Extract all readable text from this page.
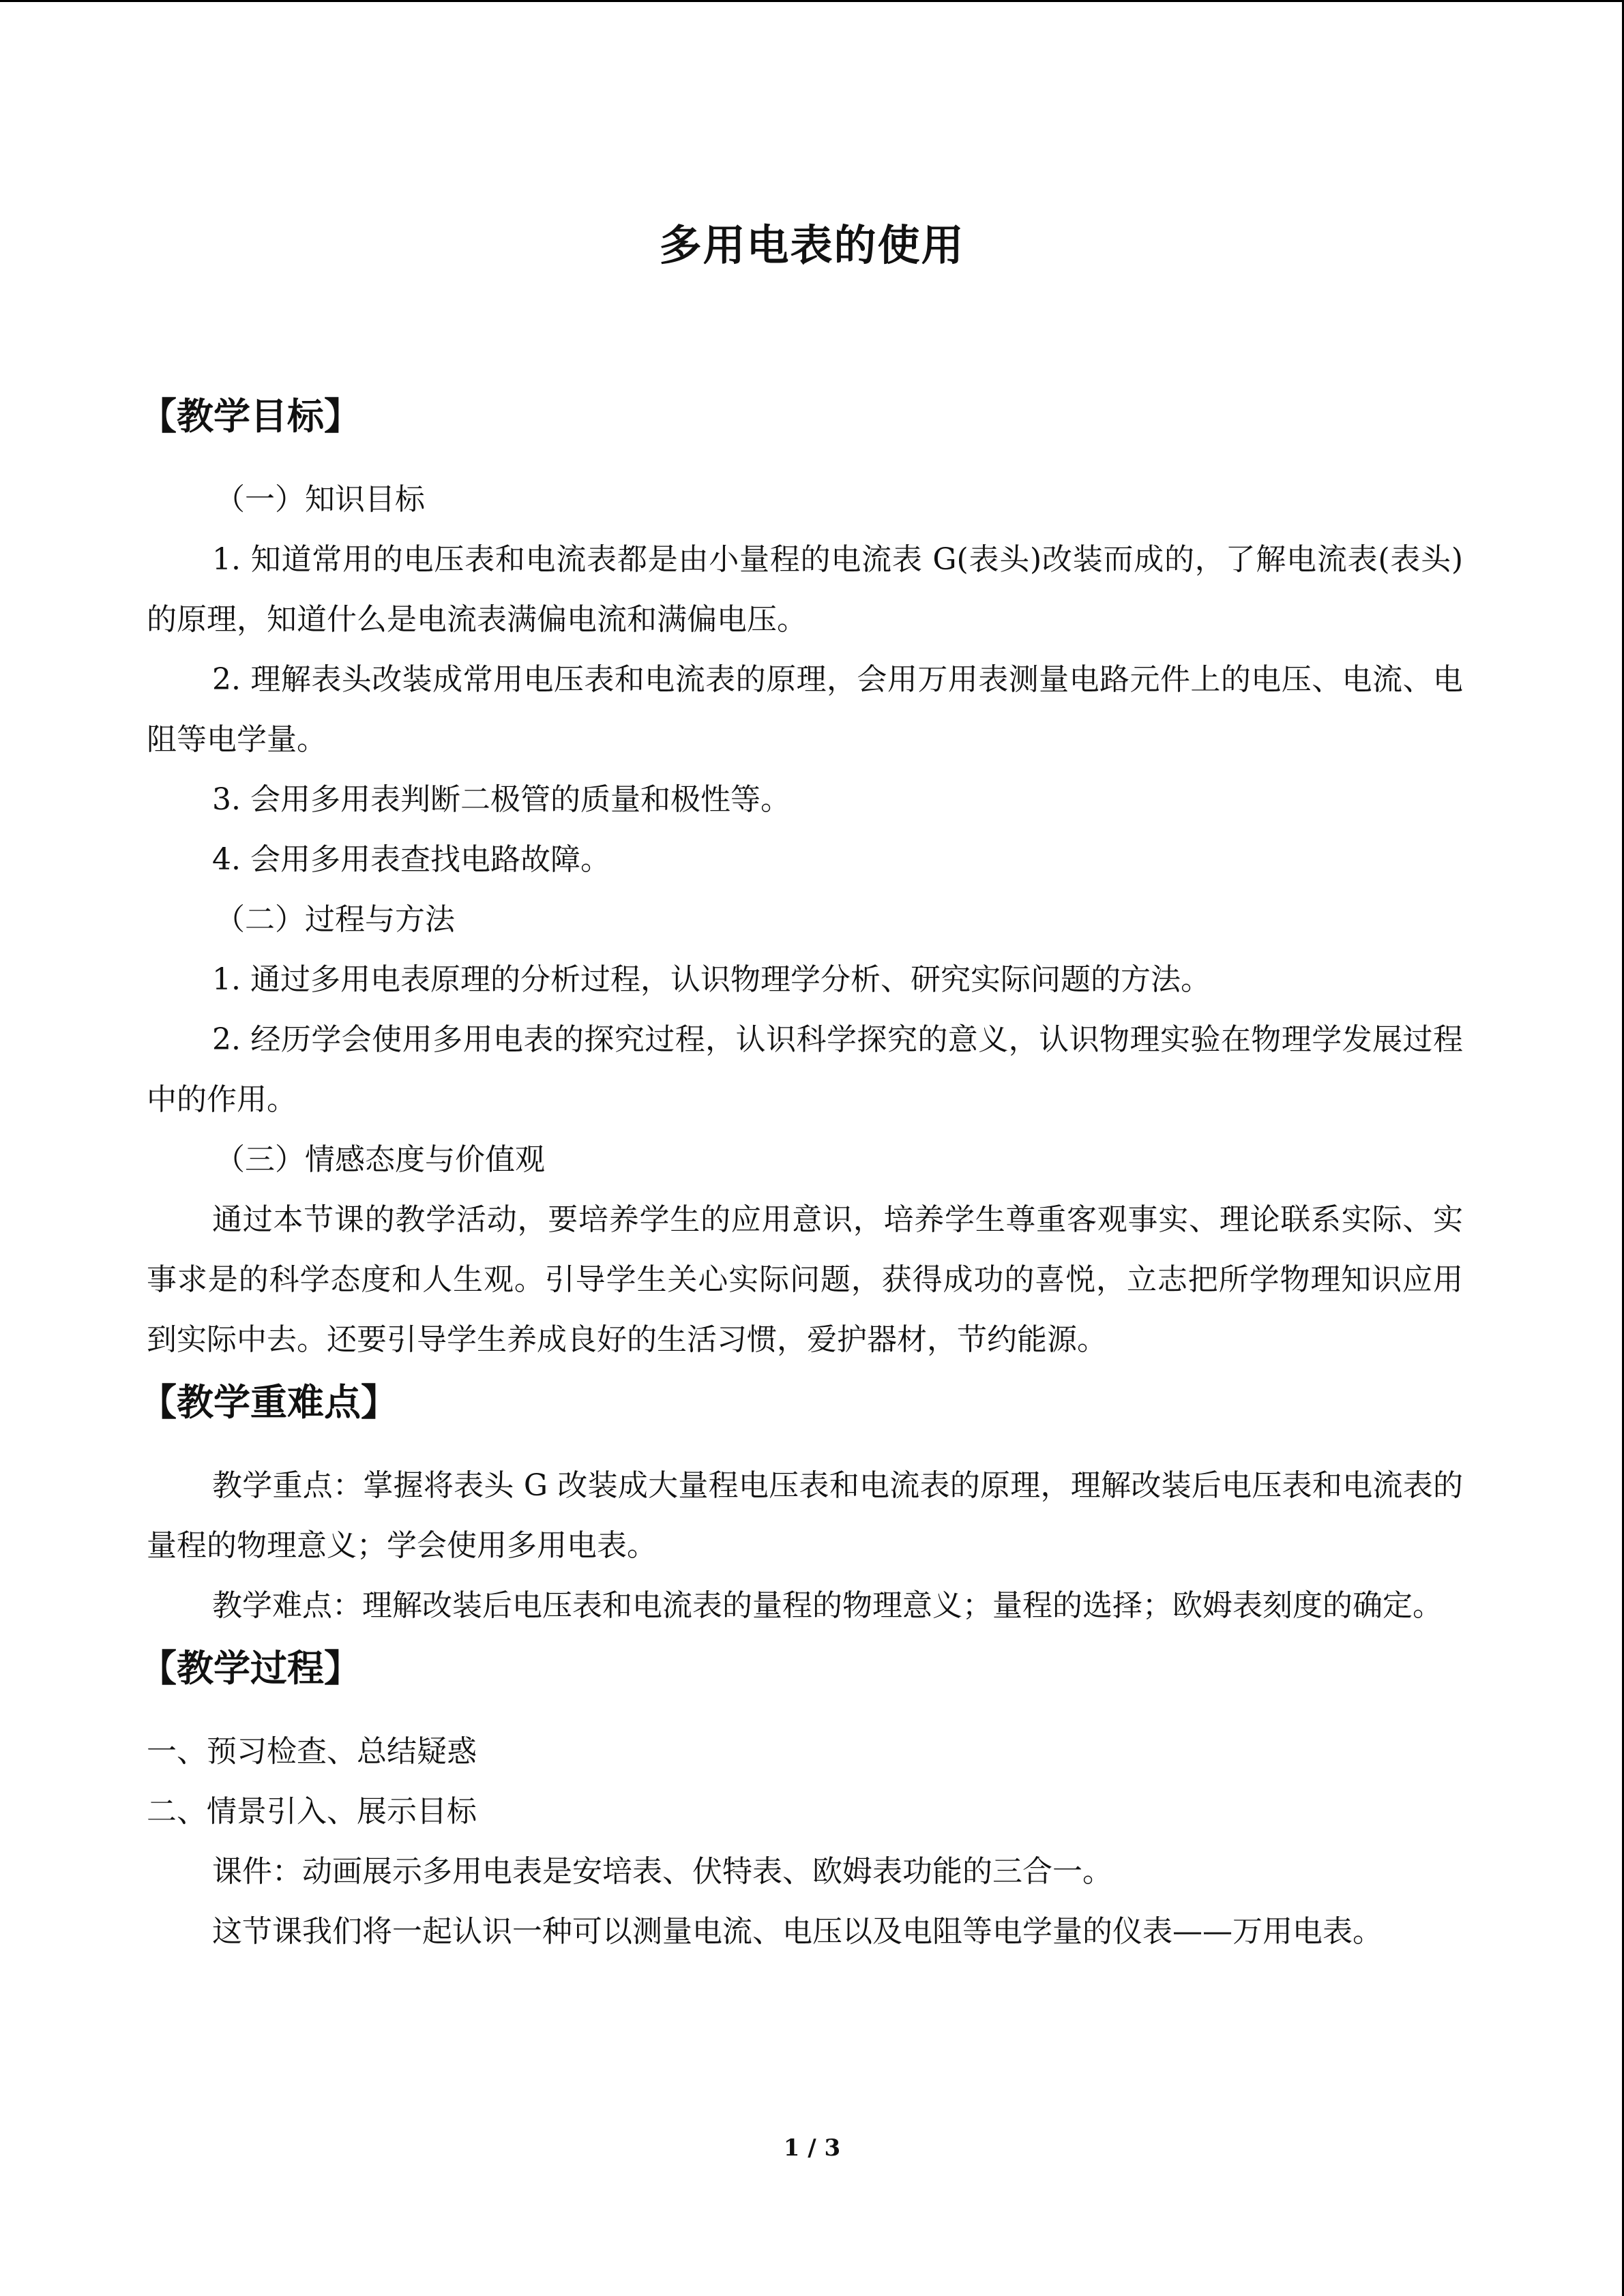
多用电表的使用

【教学目标】

（一）知识目标

1. 知道常用的电压表和电流表都是由小量程的电流表 G(表头)改装而成的，了解电流表(表头)的原理，知道什么是电流表满偏电流和满偏电压。

2. 理解表头改装成常用电压表和电流表的原理，会用万用表测量电路元件上的电压、电流、电阻等电学量。

3. 会用多用表判断二极管的质量和极性等。

4. 会用多用表查找电路故障。

（二）过程与方法

1. 通过多用电表原理的分析过程，认识物理学分析、研究实际问题的方法。

2. 经历学会使用多用电表的探究过程，认识科学探究的意义，认识物理实验在物理学发展过程中的作用。

（三）情感态度与价值观

通过本节课的教学活动，要培养学生的应用意识，培养学生尊重客观事实、理论联系实际、实事求是的科学态度和人生观。引导学生关心实际问题，获得成功的喜悦，立志把所学物理知识应用到实际中去。还要引导学生养成良好的生活习惯，爱护器材，节约能源。

【教学重难点】

教学重点：掌握将表头 G 改装成大量程电压表和电流表的原理，理解改装后电压表和电流表的量程的物理意义；学会使用多用电表。

教学难点：理解改装后电压表和电流表的量程的物理意义；量程的选择；欧姆表刻度的确定。

【教学过程】

一、预习检查、总结疑惑

二、情景引入、展示目标

课件：动画展示多用电表是安培表、伏特表、欧姆表功能的三合一。

这节课我们将一起认识一种可以测量电流、电压以及电阻等电学量的仪表——万用电表。

1 / 3
